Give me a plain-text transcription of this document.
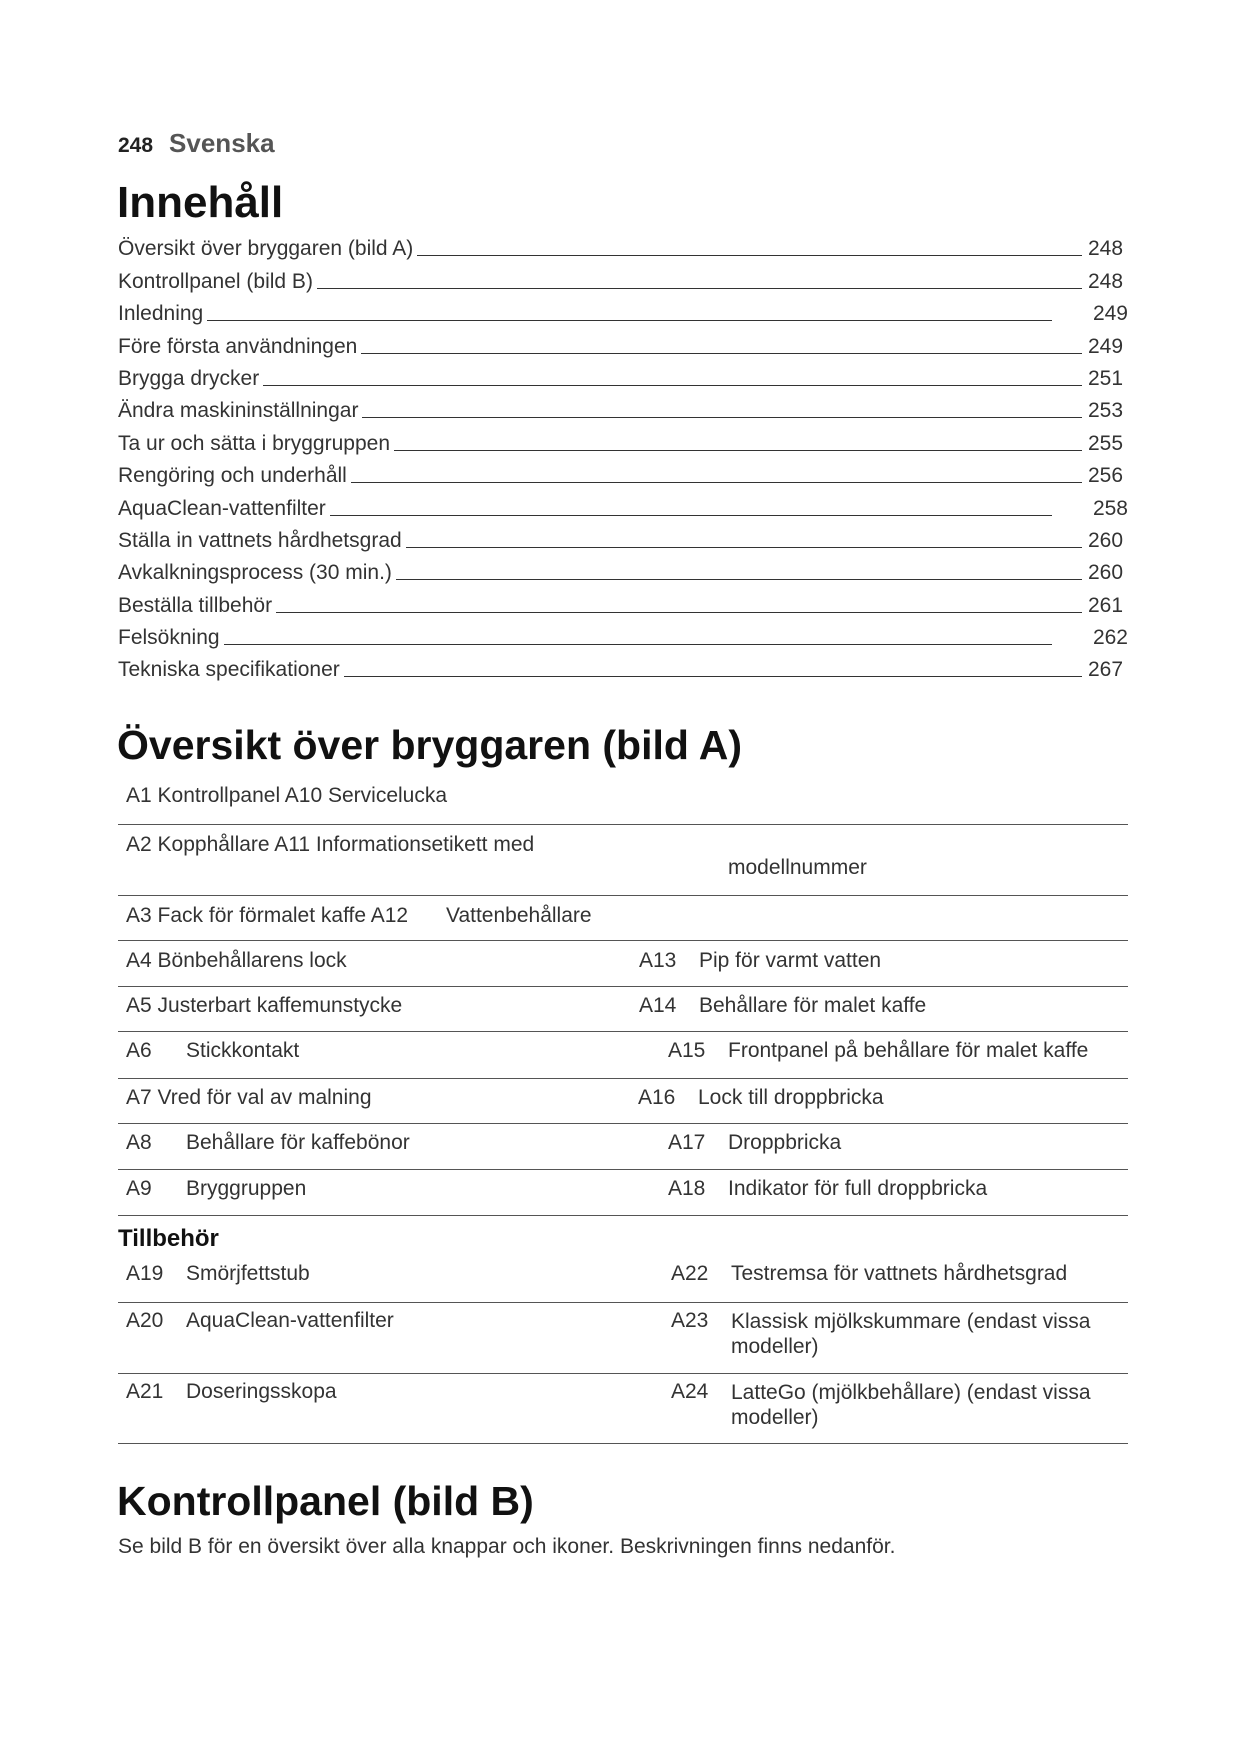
248 Svenska
Innehåll
Översikt över bryggaren (bild A)	248
Kontrollpanel (bild B)	248
Inledning	249
Före första användningen	249
Brygga drycker	251
Ändra maskininställningar	253
Ta ur och sätta i bryggruppen	255
Rengöring och underhåll	256
AquaClean-vattenfilter	258
Ställa in vattnets hårdhetsgrad	260
Avkalkningsprocess (30 min.)	260
Beställa tillbehör	261
Felsökning	262
Tekniska specifikationer	267
Översikt över bryggaren (bild A)
A1 Kontrollpanel A10 Servicelucka
A2 Kopphållare A11 Informationsetikett med
modellnummer
A3 Fack för förmalet kaffe A12 Vattenbehållare
A4 Bönbehållarens lock	A13 Pip för varmt vatten
A5 Justerbart kaffemunstycke	A14 Behållare för malet kaffe
A6 Stickkontakt	A15 Frontpanel på behållare för malet kaffe
A7 Vred för val av malning	A16 Lock till droppbricka
A8 Behållare för kaffebönor	A17 Droppbricka
A9 Bryggruppen	A18 Indikator för full droppbricka
Tillbehör
A19 Smörjfettstub	A22 Testremsa för vattnets hårdhetsgrad
A20 AquaClean-vattenfilter	A23 Klassisk mjölkskummare (endast vissa modeller)
A21 Doseringsskopa	A24 LatteGo (mjölkbehållare) (endast vissa modeller)
Kontrollpanel (bild B)
Se bild B för en översikt över alla knappar och ikoner. Beskrivningen finns nedanför.
